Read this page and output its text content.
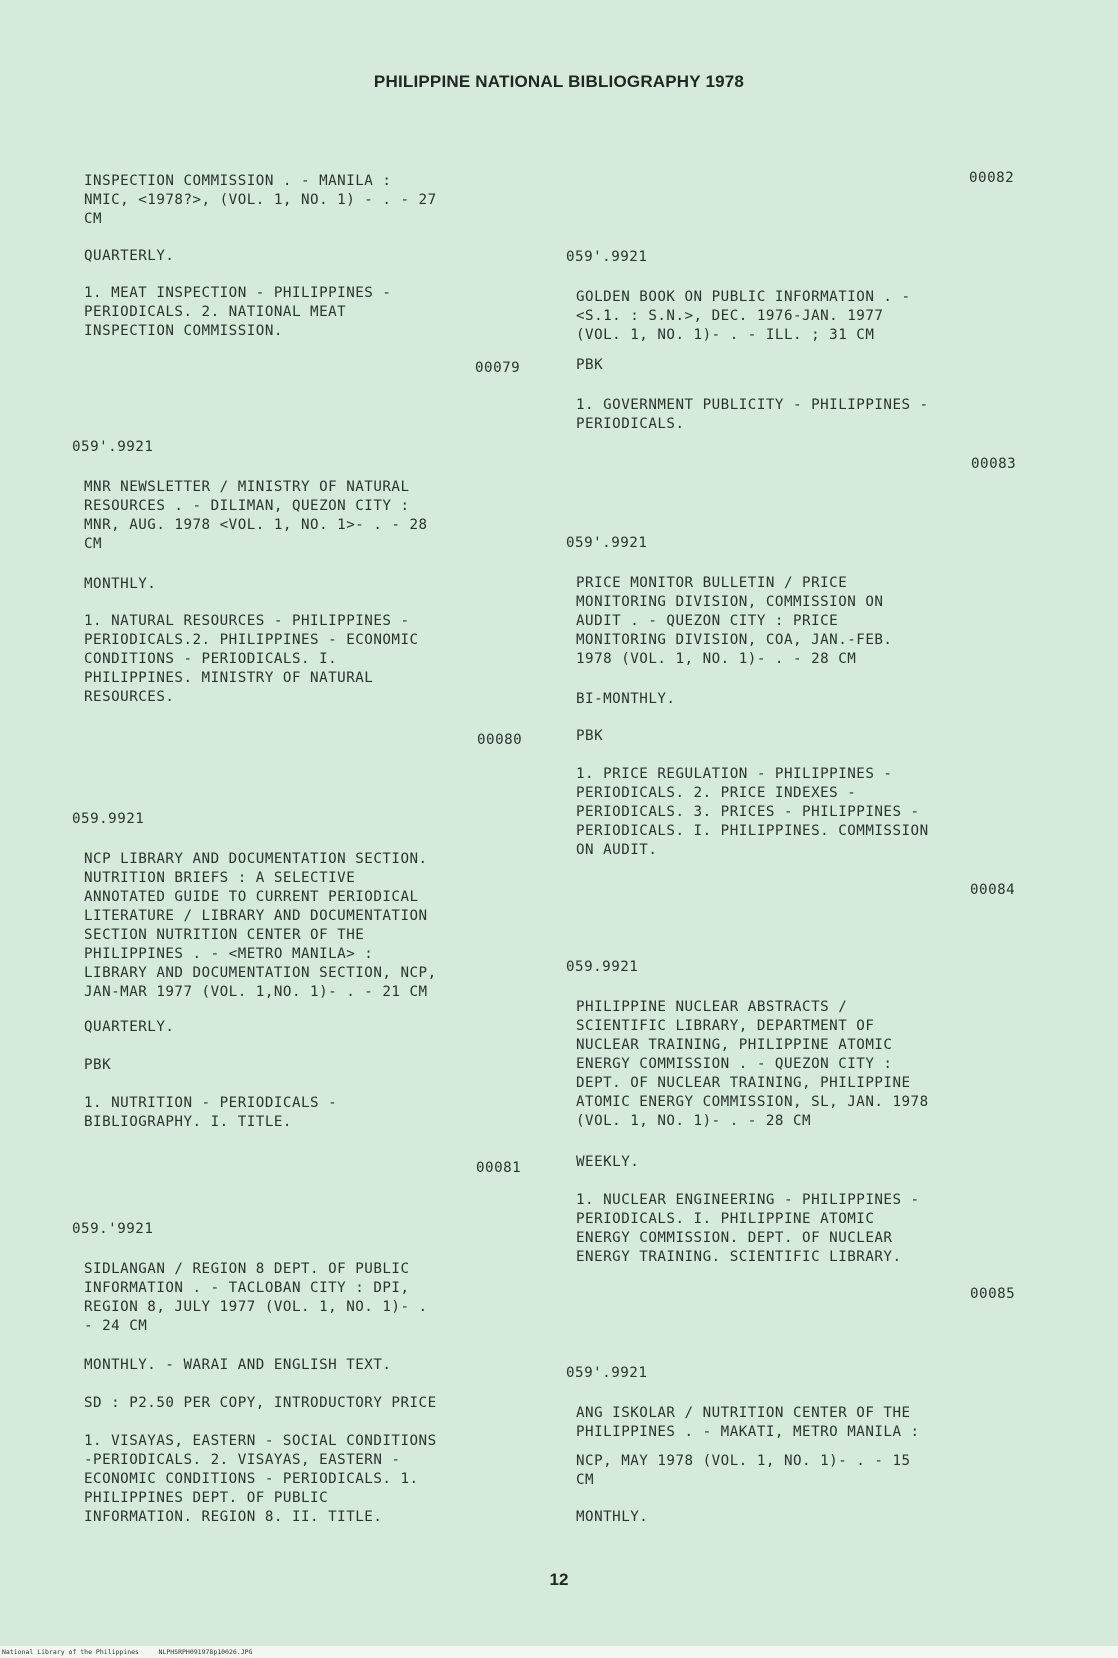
PHILIPPINE NATIONAL BIBLIOGRAPHY 1978
INSPECTION COMMISSION . - MANILA :
NMIC, <1978?>, (VOL. 1, NO. 1) - . - 27
CM
QUARTERLY.
1. MEAT INSPECTION - PHILIPPINES -
PERIODICALS. 2. NATIONAL MEAT
INSPECTION COMMISSION.
00079
059'.9921
MNR NEWSLETTER / MINISTRY OF NATURAL
RESOURCES . - DILIMAN, QUEZON CITY :
MNR, AUG. 1978 <VOL. 1, NO. 1>- . - 28
CM
MONTHLY.
1. NATURAL RESOURCES - PHILIPPINES -
PERIODICALS.2. PHILIPPINES - ECONOMIC
CONDITIONS - PERIODICALS. I.
PHILIPPINES. MINISTRY OF NATURAL
RESOURCES.
00080
059.9921
NCP LIBRARY AND DOCUMENTATION SECTION.
NUTRITION BRIEFS : A SELECTIVE
ANNOTATED GUIDE TO CURRENT PERIODICAL
LITERATURE / LIBRARY AND DOCUMENTATION
SECTION NUTRITION CENTER OF THE
PHILIPPINES . - <METRO MANILA> :
LIBRARY AND DOCUMENTATION SECTION, NCP,
JAN-MAR 1977 (VOL. 1,NO. 1)- . - 21 CM
QUARTERLY.
PBK
1. NUTRITION - PERIODICALS -
BIBLIOGRAPHY. I. TITLE.
00081
059.'9921
SIDLANGAN / REGION 8 DEPT. OF PUBLIC
INFORMATION . - TACLOBAN CITY : DPI,
REGION 8, JULY 1977 (VOL. 1, NO. 1)- .
- 24 CM
MONTHLY. - WARAI AND ENGLISH TEXT.
SD : P2.50 PER COPY, INTRODUCTORY PRICE
1. VISAYAS, EASTERN - SOCIAL CONDITIONS
-PERIODICALS. 2. VISAYAS, EASTERN -
ECONOMIC CONDITIONS - PERIODICALS. 1.
PHILIPPINES DEPT. OF PUBLIC
INFORMATION. REGION 8. II. TITLE.
00082
059'.9921
GOLDEN BOOK ON PUBLIC INFORMATION . -
<S.1. : S.N.>, DEC. 1976-JAN. 1977
(VOL. 1, NO. 1)- . - ILL. ; 31 CM
PBK
1. GOVERNMENT PUBLICITY - PHILIPPINES -
PERIODICALS.
00083
059'.9921
PRICE MONITOR BULLETIN / PRICE
MONITORING DIVISION, COMMISSION ON
AUDIT . - QUEZON CITY : PRICE
MONITORING DIVISION, COA, JAN.-FEB.
1978 (VOL. 1, NO. 1)- . - 28 CM
BI-MONTHLY.
PBK
1. PRICE REGULATION - PHILIPPINES -
PERIODICALS. 2. PRICE INDEXES -
PERIODICALS. 3. PRICES - PHILIPPINES -
PERIODICALS. I. PHILIPPINES. COMMISSION
ON AUDIT.
00084
059.9921
PHILIPPINE NUCLEAR ABSTRACTS /
SCIENTIFIC LIBRARY, DEPARTMENT OF
NUCLEAR TRAINING, PHILIPPINE ATOMIC
ENERGY COMMISSION . - QUEZON CITY :
DEPT. OF NUCLEAR TRAINING, PHILIPPINE
ATOMIC ENERGY COMMISSION, SL, JAN. 1978
(VOL. 1, NO. 1)- . - 28 CM
WEEKLY.
1. NUCLEAR ENGINEERING - PHILIPPINES -
PERIODICALS. I. PHILIPPINE ATOMIC
ENERGY COMMISSION. DEPT. OF NUCLEAR
ENERGY TRAINING. SCIENTIFIC LIBRARY.
00085
059'.9921
ANG ISKOLAR / NUTRITION CENTER OF THE
PHILIPPINES . - MAKATI, METRO MANILA :
NCP, MAY 1978 (VOL. 1, NO. 1)- . - 15
CM
MONTHLY.
12
National Library of the Philippines     NLPHSRPH091978p10026.JPG
